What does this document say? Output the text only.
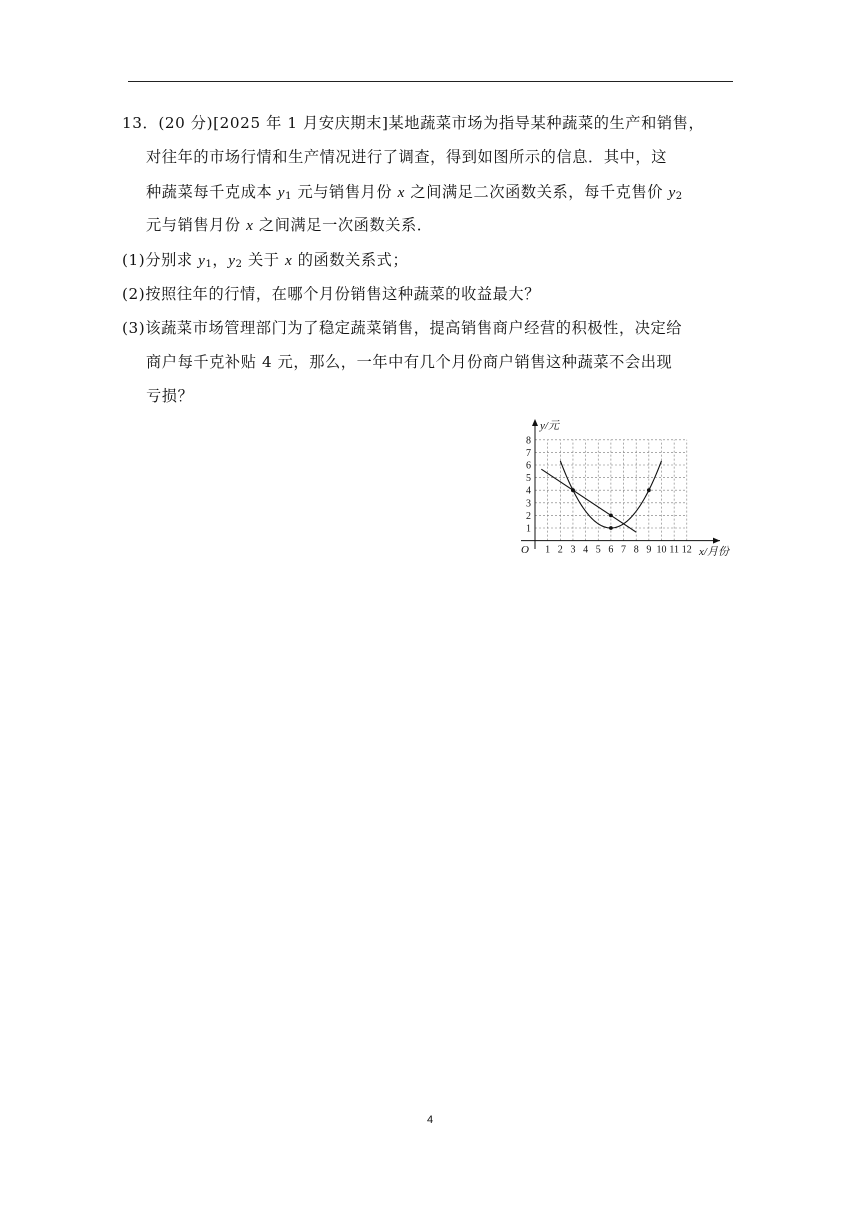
13．(20 分)[2025 年 1 月安庆期末]某地蔬菜市场为指导某种蔬菜的生产和销售，
对往年的市场行情和生产情况进行了调查，得到如图所示的信息．其中，这
种蔬菜每千克成本 $y_1$ 元与销售月份 x 之间满足二次函数关系，每千克售价 $y_2$
元与销售月份 x 之间满足一次函数关系．
(1)分别求 $y_1$，$y_2$ 关于 x 的函数关系式；
(2)按照往年的行情，在哪个月份销售这种蔬菜的收益最大？
(3)该蔬菜市场管理部门为了稳定蔬菜销售，提高销售商户经营的积极性，决定给
商户每千克补贴 4 元，那么，一年中有几个月份商户销售这种蔬菜不会出现
亏损？
y/元
x/月份
O 1 2 3 4 5 6 7 8 9 10 11 12
1
2
3
4
5
6
7
8
4
